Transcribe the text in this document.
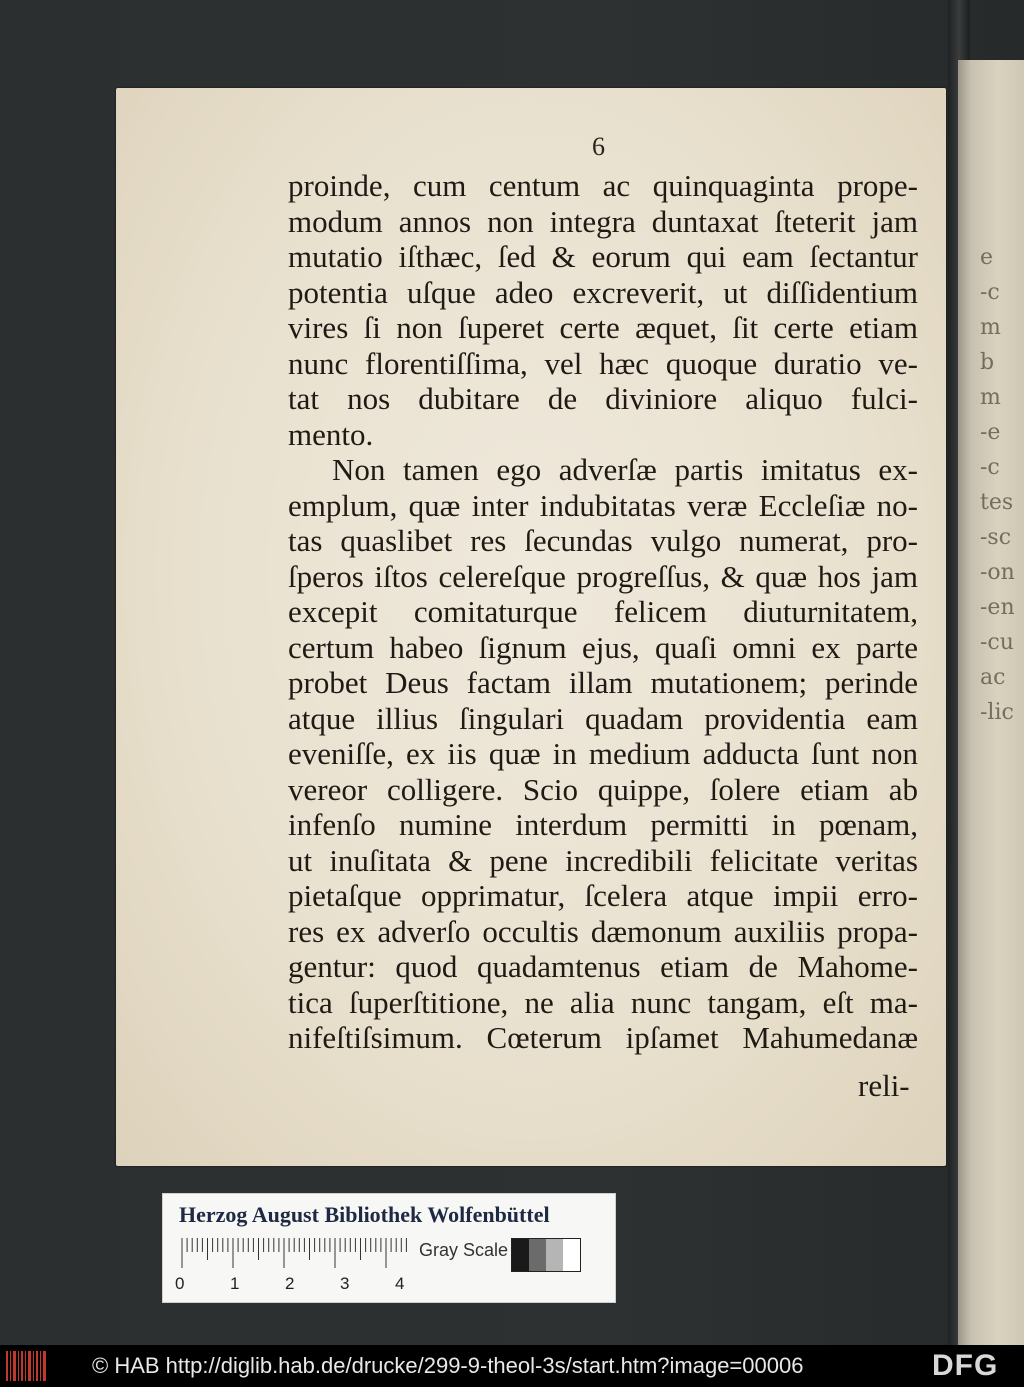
e
-c
m
b
m
-e
-c
tes
-sc
-on
-en
-cu
ac
-lic
6
proinde, cum centum ac quinquaginta prope-
modum annos non integra duntaxat ſteterit jam
mutatio iſthæc, ſed & eorum qui eam ſectantur
potentia uſque adeo excreverit, ut diſſidentium
vires ſi non ſuperet certe æquet, ſit certe etiam
nunc florentiſſima, vel hæc quoque duratio ve-
tat nos dubitare de diviniore aliquo fulci-
mento.
Non tamen ego adverſæ partis imitatus ex-
emplum, quæ inter indubitatas veræ Eccleſiæ no-
tas quaslibet res ſecundas vulgo numerat, pro-
ſperos iſtos celereſque progreſſus, & quæ hos jam
excepit comitaturque felicem diuturnitatem,
certum habeo ſignum ejus, quaſi omni ex parte
probet Deus factam illam mutationem; perinde
atque illius ſingulari quadam providentia eam
eveniſſe, ex iis quæ in medium adducta ſunt non
vereor colligere. Scio quippe, ſolere etiam ab
infenſo numine interdum permitti in pœnam,
ut inuſitata & pene incredibili felicitate veritas
pietaſque opprimatur, ſcelera atque impii erro-
res ex adverſo occultis dæmonum auxiliis propa-
gentur: quod quadamtenus etiam de Mahome-
tica ſuperſtitione, ne alia nunc tangam, eſt ma-
nifeſtiſsimum. Cœterum ipſamet Mahumedanæ
reli-
Herzog August Bibliothek Wolfenbüttel
Gray Scale
0	1	2	3	4
© HAB http://diglib.hab.de/drucke/299-9-theol-3s/start.htm?image=00006	DFG
